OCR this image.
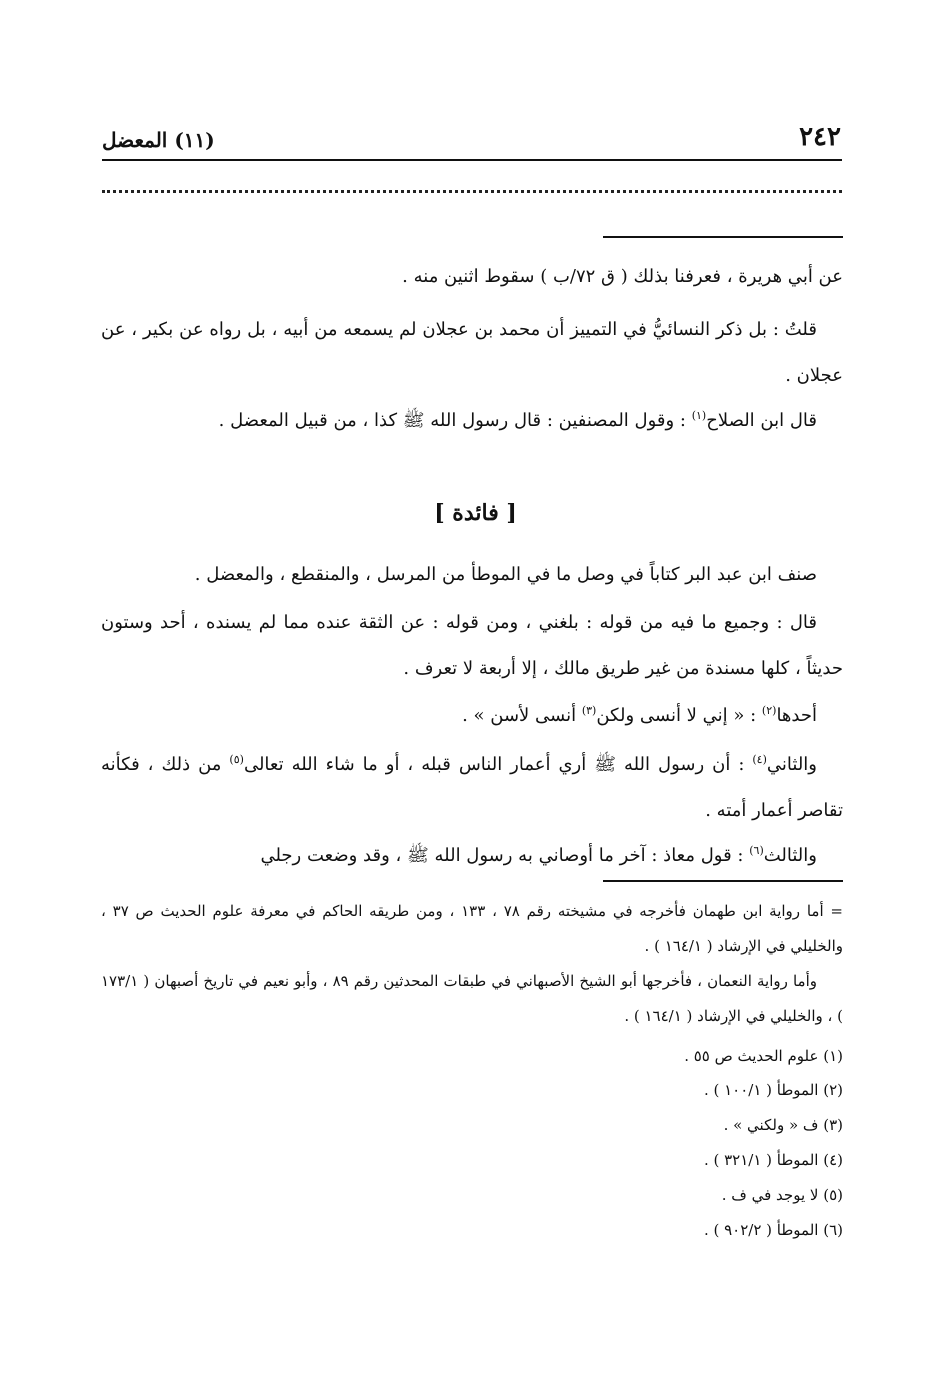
٢٤٢
(١١) المعضل
عن أبي هريرة ، فعرفنا بذلك ( ق ٧٢/ب ) سقوط اثنين منه .
قلتُ : بل ذكر النسائيُّ في التمييز أن محمد بن عجلان لم يسمعه من أبيه ، بل رواه عن بكير ، عن عجلان .
قال ابن الصلاح$^{(١)}$ : وقول المصنفين : قال رسول الله ﷺ كذا ، من قبيل المعضل .
[ فائدة ]
صنف ابن عبد البر كتاباً في وصل ما في الموطأ من المرسل ، والمنقطع ، والمعضل .
قال : وجميع ما فيه من قوله : بلغني ، ومن قوله : عن الثقة عنده مما لم يسنده ، أحد وستون حديثاً ، كلها مسندة من غير طريق مالك ، إلا أربعة لا تعرف .
أحدها$^{(٢)}$ : « إني لا أنسى ولكن$^{(٣)}$ أنسى لأسن » .
والثاني$^{(٤)}$ : أن رسول الله ﷺ أري أعمار الناس قبله ، أو ما شاء الله تعالى$^{(٥)}$ من ذلك ، فكأنه تقاصر أعمار أمته .
والثالث$^{(٦)}$ : قول معاذ : آخر ما أوصاني به رسول الله ﷺ ، وقد وضعت رجلي
= أما رواية ابن طهمان فأخرجه في مشيخته رقم ٧٨ ، ١٣٣ ، ومن طريقه الحاكم في معرفة علوم الحديث ص ٣٧ ، والخليلي في الإرشاد ( ١٦٤/١ ) .
وأما رواية النعمان ، فأخرجها أبو الشيخ الأصبهاني في طبقات المحدثين رقم ٨٩ ، وأبو نعيم في تاريخ أصبهان ( ١٧٣/١ ) ، والخليلي في الإرشاد ( ١٦٤/١ ) .
(١) علوم الحديث ص ٥٥ .
(٢) الموطأ ( ١٠٠/١ ) .
(٣) ف « ولكني » .
(٤) الموطأ ( ٣٢١/١ ) .
(٥) لا يوجد في ف .
(٦) الموطأ ( ٩٠٢/٢ ) .
